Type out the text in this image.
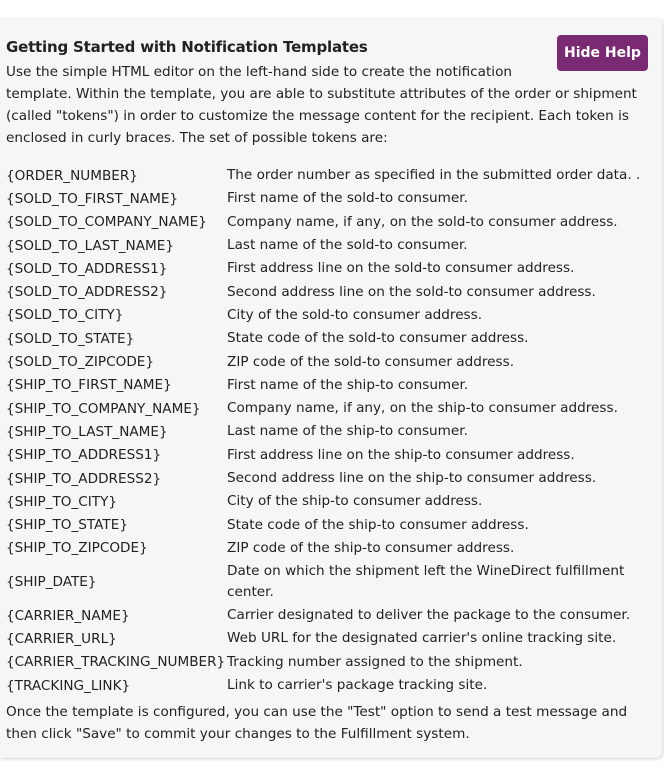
Getting Started with Notification Templates	Hide Help

Use the simple HTML editor on the left-hand side to create the notification
template. Within the template, you are able to substitute attributes of the order or shipment
(called "tokens") in order to customize the message content for the recipient. Each token is
enclosed in curly braces. The set of possible tokens are:

{ORDER_NUMBER}	The order number as specified in the submitted order data. .
{SOLD_TO_FIRST_NAME}	First name of the sold-to consumer.
{SOLD_TO_COMPANY_NAME}	Company name, if any, on the sold-to consumer address.
{SOLD_TO_LAST_NAME}	Last name of the sold-to consumer.
{SOLD_TO_ADDRESS1}	First address line on the sold-to consumer address.
{SOLD_TO_ADDRESS2}	Second address line on the sold-to consumer address.
{SOLD_TO_CITY}	City of the sold-to consumer address.
{SOLD_TO_STATE}	State code of the sold-to consumer address.
{SOLD_TO_ZIPCODE}	ZIP code of the sold-to consumer address.
{SHIP_TO_FIRST_NAME}	First name of the ship-to consumer.
{SHIP_TO_COMPANY_NAME}	Company name, if any, on the ship-to consumer address.
{SHIP_TO_LAST_NAME}	Last name of the ship-to consumer.
{SHIP_TO_ADDRESS1}	First address line on the ship-to consumer address.
{SHIP_TO_ADDRESS2}	Second address line on the ship-to consumer address.
{SHIP_TO_CITY}	City of the ship-to consumer address.
{SHIP_TO_STATE}	State code of the ship-to consumer address.
{SHIP_TO_ZIPCODE}	ZIP code of the ship-to consumer address.
{SHIP_DATE}	Date on which the shipment left the WineDirect fulfillment center.
{CARRIER_NAME}	Carrier designated to deliver the package to the consumer.
{CARRIER_URL}	Web URL for the designated carrier's online tracking site.
{CARRIER_TRACKING_NUMBER}	Tracking number assigned to the shipment.
{TRACKING_LINK}	Link to carrier's package tracking site.

Once the template is configured, you can use the "Test" option to send a test message and
then click "Save" to commit your changes to the Fulfillment system.
